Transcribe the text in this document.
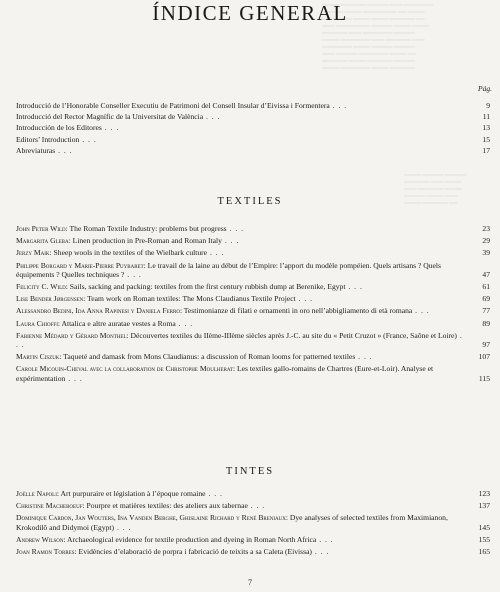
▁▁▁▁ ▁▁▁▁▁▁ ▁▁▁▁▁ ▁▁▁ ▁▁▁▁▁▁▁
▁▁▁▁▁ ▁▁▁▁ ▁▁▁▁▁▁▁▁ ▁▁ ▁▁▁▁
▁▁▁▁▁▁▁ ▁▁▁▁ ▁▁▁▁ ▁▁▁▁▁▁ ▁▁
▁▁▁ ▁▁▁▁▁▁▁▁ ▁▁▁▁▁ ▁▁▁▁ ▁▁▁▁
▁▁▁▁▁▁ ▁▁▁ ▁▁▁▁▁▁▁ ▁▁▁▁▁
▁▁▁▁ ▁▁▁▁▁▁▁ ▁▁▁ ▁▁▁▁▁▁ ▁▁▁
▁▁▁▁▁▁▁ ▁▁▁▁ ▁▁▁▁▁ ▁▁▁▁▁
▁▁▁ ▁▁▁▁▁ ▁▁▁▁▁▁▁ ▁▁▁▁ ▁▁
▁▁▁▁▁▁ ▁▁▁▁ ▁▁▁▁▁▁ ▁▁▁▁▁
▁▁▁▁ ▁▁▁▁▁▁▁ ▁▁▁▁ ▁▁▁▁▁▁
▁▁▁▁ ▁▁▁▁▁ ▁▁▁▁▁
▁▁▁▁▁▁ ▁▁▁ ▁▁▁▁
▁▁▁ ▁▁▁▁▁▁ ▁▁▁▁
▁▁▁▁▁ ▁▁▁▁ ▁▁▁
▁▁▁▁ ▁▁▁▁▁▁ ▁▁
ÍNDICE GENERAL
Pág.
Introducció de l’Honorable Conseller Executiu de Patrimoni del Consell Insular d’Eivissa i Formentera . . .	9
Introducció del Rector Magnífic de la Universitat de València . . .	11
Introducción de los Editores . . .	13
Editors’ Introduction . . .	15
Abreviaturas . . .	17
TEXTILES
John Peter Wild: The Roman Textile Industry: problems but progress . . .	23
Margarita Gleba: Linen production in Pre-Roman and Roman Italy . . .	29
Jerzy Maik: Sheep wools in the textiles of the Wielbark culture . . .	39
Philippe Borgard y Marie-Pierre Puybaret: Le travail de la laine au début de l’Empire: l’apport du modèle pompéien. Quels artisans ? Quels équipements ? Quelles techniques ? . . .	47
Felicity C. Wild: Sails, sacking and packing: textiles from the first century rubbish dump at Berenike, Egypt . . .	61
Lise Bender Jørgensen: Team work on Roman textiles: The Mons Claudianus Textile Project . . .	69
Alessandro Bedini, Ida Anna Rapinesi y Daniela Ferro: Testimonianze di filati e ornamenti in oro nell’abbigliamento di età romana . . .	77
Laura Chioffi: Attalica e altre auratae vestes a Roma . . .	89
Fabienne Médard y Gérard Monthel: Découvertes textiles du IIème-IIIème siècles après J.-C. au site du « Petit Cruzot » (France, Saône et Loire) . . .	97
Martin Ciszuk: Taqueté and damask from Mons Claudianus: a discussion of Roman looms for patterned textiles . . .	107
Carole Micouin-Cheval avec la collaboration de Christophe Moulherat: Les textiles gallo-romains de Chartres (Eure-et-Loir). Analyse et expérimentation . . .	115
TINTES
Joëlle Napoli: Art purpuraire et législation à l’époque romaine . . .	123
Christine Macheboeuf: Pourpre et matières textiles: des ateliers aux tabernae . . .	137
Dominique Cardon, Jan Wouters, Ina Vanden Berghe, Ghislaine Richard y René Breniaux: Dye analyses of selected textiles from Maximianon, Krokodilô and Didymoi (Egypt) . . .	145
Andrew Wilson: Archaeological evidence for textile production and dyeing in Roman North Africa . . .	155
Joan Ramon Torres: Evidències d’elaboració de porpra i fabricació de teixits a sa Caleta (Eivissa) . . .	165
7
